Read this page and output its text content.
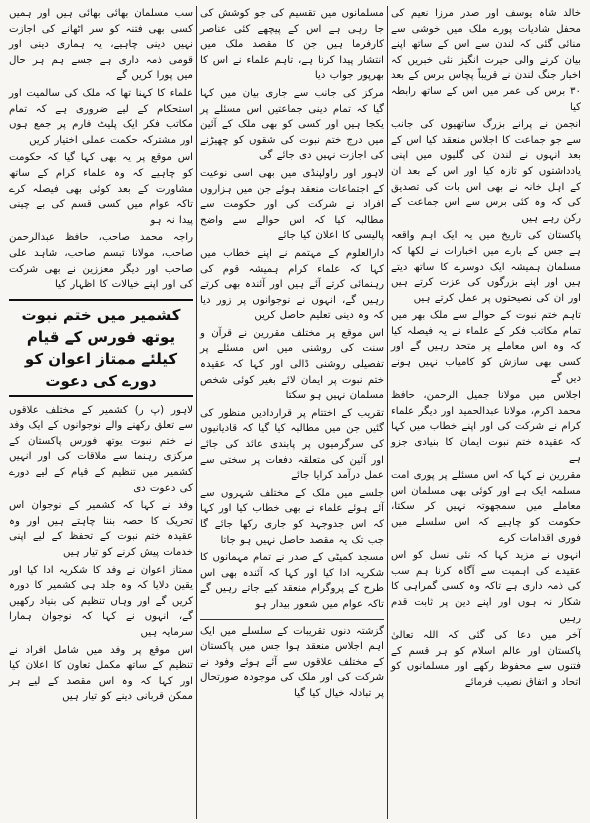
خالد شاہ یوسف اور صدر مرزا نعیم کی محفل شادیات پورے ملک میں خوشی سے منائی گئی کہ لندن سے اس کے ساتھ اپنے بیان کرنے والی حیرت انگیز نئی خبریں کہ اخبار جنگ لندن نے قریباً پچاس برس کے بعد ۳۰ برس کی عمر میں اس کے ساتھ رابطہ کیا

انجمن نے پرانے بزرگ ساتھیوں کی جانب سے جو جماعت کا اجلاس منعقد کیا اس کے بعد انہوں نے لندن کی گلیوں میں اپنی یادداشتوں کو تازہ کیا اور اس کے بعد ان کے اہل خانہ نے بھی اس بات کی تصدیق کی کہ وہ کئی برس سے اس جماعت کے رکن رہے ہیں

پاکستان کی تاریخ میں یہ ایک اہم واقعہ ہے جس کے بارے میں اخبارات نے لکھا کہ مسلمان ہمیشہ ایک دوسرے کا ساتھ دیتے ہیں اور اپنے بزرگوں کی عزت کرتے ہیں اور ان کی نصیحتوں پر عمل کرتے ہیں

تاہم ختم نبوت کے حوالے سے ملک بھر میں تمام مکاتب فکر کے علماء نے یہ فیصلہ کیا کہ وہ اس معاملے پر متحد رہیں گے اور کسی بھی سازش کو کامیاب نہیں ہونے دیں گے

اجلاس میں مولانا جمیل الرحمن، حافظ محمد اکرم، مولانا عبدالحمید اور دیگر علماء کرام نے شرکت کی اور اپنے خطاب میں کہا کہ عقیدہ ختم نبوت ایمان کا بنیادی جزو ہے

مقررین نے کہا کہ اس مسئلے پر پوری امت مسلمہ ایک ہے اور کوئی بھی مسلمان اس معاملے میں سمجھوتہ نہیں کر سکتا، حکومت کو چاہیے کہ اس سلسلے میں فوری اقدامات کرے

انہوں نے مزید کہا کہ نئی نسل کو اس عقیدے کی اہمیت سے آگاہ کرنا ہم سب کی ذمہ داری ہے تاکہ وہ کسی گمراہی کا شکار نہ ہوں اور اپنے دین پر ثابت قدم رہیں

آخر میں دعا کی گئی کہ اللہ تعالیٰ پاکستان اور عالم اسلام کو ہر قسم کے فتنوں سے محفوظ رکھے اور مسلمانوں کو اتحاد و اتفاق نصیب فرمائے

مسلمانوں میں تقسیم کی جو کوشش کی جا رہی ہے اس کے پیچھے کئی عناصر کارفرما ہیں جن کا مقصد ملک میں انتشار پیدا کرنا ہے، تاہم علماء نے اس کا بھرپور جواب دیا

مرکز کی جانب سے جاری بیان میں کہا گیا کہ تمام دینی جماعتیں اس مسئلے پر یکجا ہیں اور کسی کو بھی ملک کے آئین میں درج ختم نبوت کی شقوں کو چھیڑنے کی اجازت نہیں دی جائے گی

لاہور اور راولپنڈی میں بھی اسی نوعیت کے اجتماعات منعقد ہوئے جن میں ہزاروں افراد نے شرکت کی اور حکومت سے مطالبہ کیا کہ اس حوالے سے واضح پالیسی کا اعلان کیا جائے

دارالعلوم کے مہتمم نے اپنے خطاب میں کہا کہ علماء کرام ہمیشہ قوم کی رہنمائی کرتے آئے ہیں اور آئندہ بھی کرتے رہیں گے، انہوں نے نوجوانوں پر زور دیا کہ وہ دینی تعلیم حاصل کریں

اس موقع پر مختلف مقررین نے قرآن و سنت کی روشنی میں اس مسئلے پر تفصیلی روشنی ڈالی اور کہا کہ عقیدہ ختم نبوت پر ایمان لائے بغیر کوئی شخص مسلمان نہیں ہو سکتا

تقریب کے اختتام پر قراردادیں منظور کی گئیں جن میں مطالبہ کیا گیا کہ قادیانیوں کی سرگرمیوں پر پابندی عائد کی جائے اور آئین کی متعلقہ دفعات پر سختی سے عمل درآمد کرایا جائے

جلسے میں ملک کے مختلف شہروں سے آئے ہوئے علماء نے بھی خطاب کیا اور کہا کہ اس جدوجہد کو جاری رکھا جائے گا جب تک یہ مقصد حاصل نہیں ہو جاتا

مسجد کمیٹی کے صدر نے تمام مہمانوں کا شکریہ ادا کیا اور کہا کہ آئندہ بھی اس طرح کے پروگرام منعقد کیے جاتے رہیں گے تاکہ عوام میں شعور بیدار ہو

گزشتہ دنوں تقریبات کے سلسلے میں ایک اہم اجلاس منعقد ہوا جس میں پاکستان کے مختلف علاقوں سے آئے ہوئے وفود نے شرکت کی اور ملک کی موجودہ صورتحال پر تبادلہ خیال کیا گیا

سب مسلمان بھائی بھائی ہیں اور ہمیں کسی بھی فتنہ کو سر اٹھانے کی اجازت نہیں دینی چاہیے، یہ ہماری دینی اور قومی ذمہ داری ہے جسے ہم ہر حال میں پورا کریں گے

علماء کا کہنا تھا کہ ملک کی سالمیت اور استحکام کے لیے ضروری ہے کہ تمام مکاتب فکر ایک پلیٹ فارم پر جمع ہوں اور مشترکہ حکمت عملی اختیار کریں

اس موقع پر یہ بھی کہا گیا کہ حکومت کو چاہیے کہ وہ علماء کرام کے ساتھ مشاورت کے بعد کوئی بھی فیصلہ کرے تاکہ عوام میں کسی قسم کی بے چینی پیدا نہ ہو

راجہ محمد صاحب، حافظ عبدالرحمن صاحب، مولانا تبسم صاحب، شاہد علی صاحب اور دیگر معززین نے بھی شرکت کی اور اپنے خیالات کا اظہار کیا

کشمیر میں ختم نبوت یوتھ فورس کے قیام
کیلئے ممتاز اعوان کو دورے کی دعوت

لاہور (پ ر) کشمیر کے مختلف علاقوں سے تعلق رکھنے والے نوجوانوں کے ایک وفد نے ختم نبوت یوتھ فورس پاکستان کے مرکزی رہنما سے ملاقات کی اور انہیں کشمیر میں تنظیم کے قیام کے لیے دورے کی دعوت دی

وفد نے کہا کہ کشمیر کے نوجوان اس تحریک کا حصہ بننا چاہتے ہیں اور وہ عقیدہ ختم نبوت کے تحفظ کے لیے اپنی خدمات پیش کرنے کو تیار ہیں

ممتاز اعوان نے وفد کا شکریہ ادا کیا اور یقین دلایا کہ وہ جلد ہی کشمیر کا دورہ کریں گے اور وہاں تنظیم کی بنیاد رکھیں گے، انہوں نے کہا کہ نوجوان ہمارا سرمایہ ہیں

اس موقع پر وفد میں شامل افراد نے تنظیم کے ساتھ مکمل تعاون کا اعلان کیا اور کہا کہ وہ اس مقصد کے لیے ہر ممکن قربانی دینے کو تیار ہیں
